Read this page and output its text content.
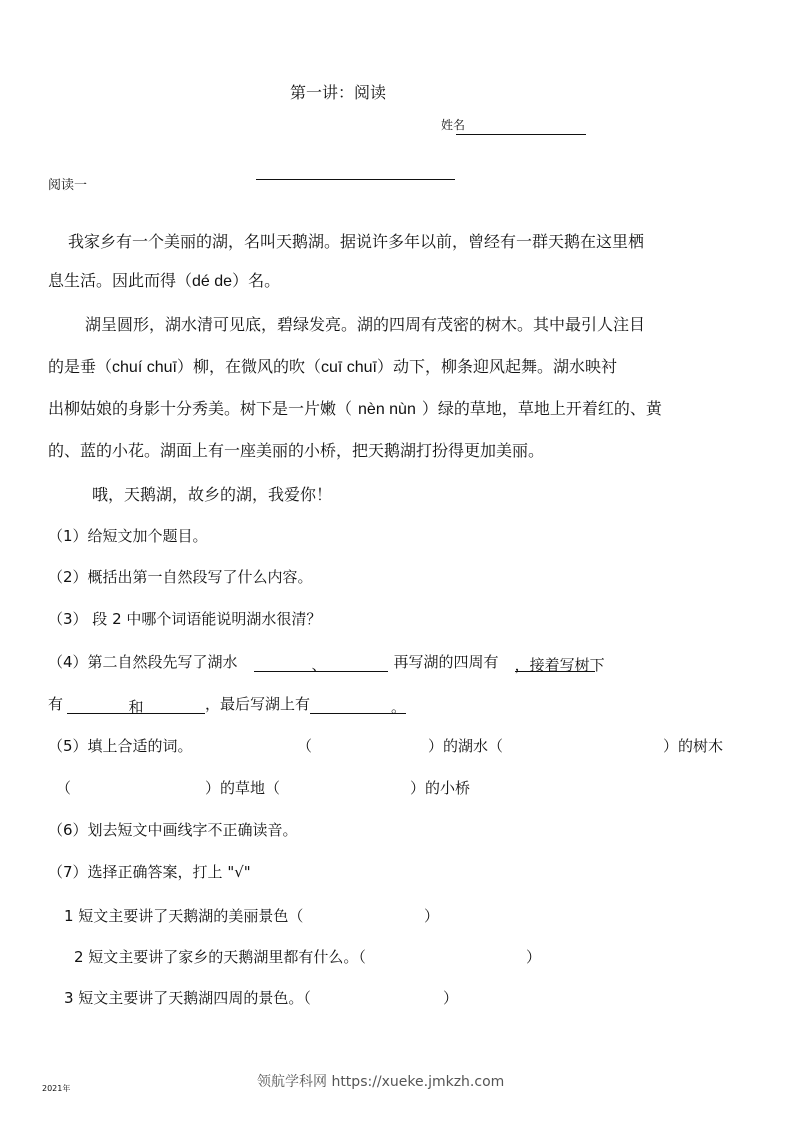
第一讲：阅读
姓名
阅读一
我家乡有一个美丽的湖，名叫天鹅湖。据说许多年以前，曾经有一群天鹅在这里栖
息生活。因此而得（dé de）名。
湖呈圆形，湖水清可见底，碧绿发亮。湖的四周有茂密的树木。其中最引人注目
的是垂（chuí chuī）柳，在微风的吹（cuī chuī）动下，柳条迎风起舞。湖水映衬
出柳姑娘的身影十分秀美。树下是一片嫩（ nèn nùn ）绿的草地，草地上开着红的、黄
的、蓝的小花。湖面上有一座美丽的小桥，把天鹅湖打扮得更加美丽。
哦，天鹅湖，故乡的湖，我爱你！
（1）给短文加个题目。
（2）概括出第一自然段写了什么内容。
（3） 段 2 中哪个词语能说明湖水很清？
（4）第二自然段先写了湖水	、	再写湖的四周有 ，接着写树下
有	和	，最后写湖上有	。
（5）填上合适的词。	（	）的湖水（	）的树木
（	）的草地（	）的小桥
（6）划去短文中画线字不正确读音。
（7）选择正确答案，打上 "√"
1 短文主要讲了天鹅湖的美丽景色（	）
2 短文主要讲了家乡的天鹅湖里都有什么。（	）
3 短文主要讲了天鹅湖四周的景色。（	）
领航学科网 https://xueke.jmkzh.com
2021年
